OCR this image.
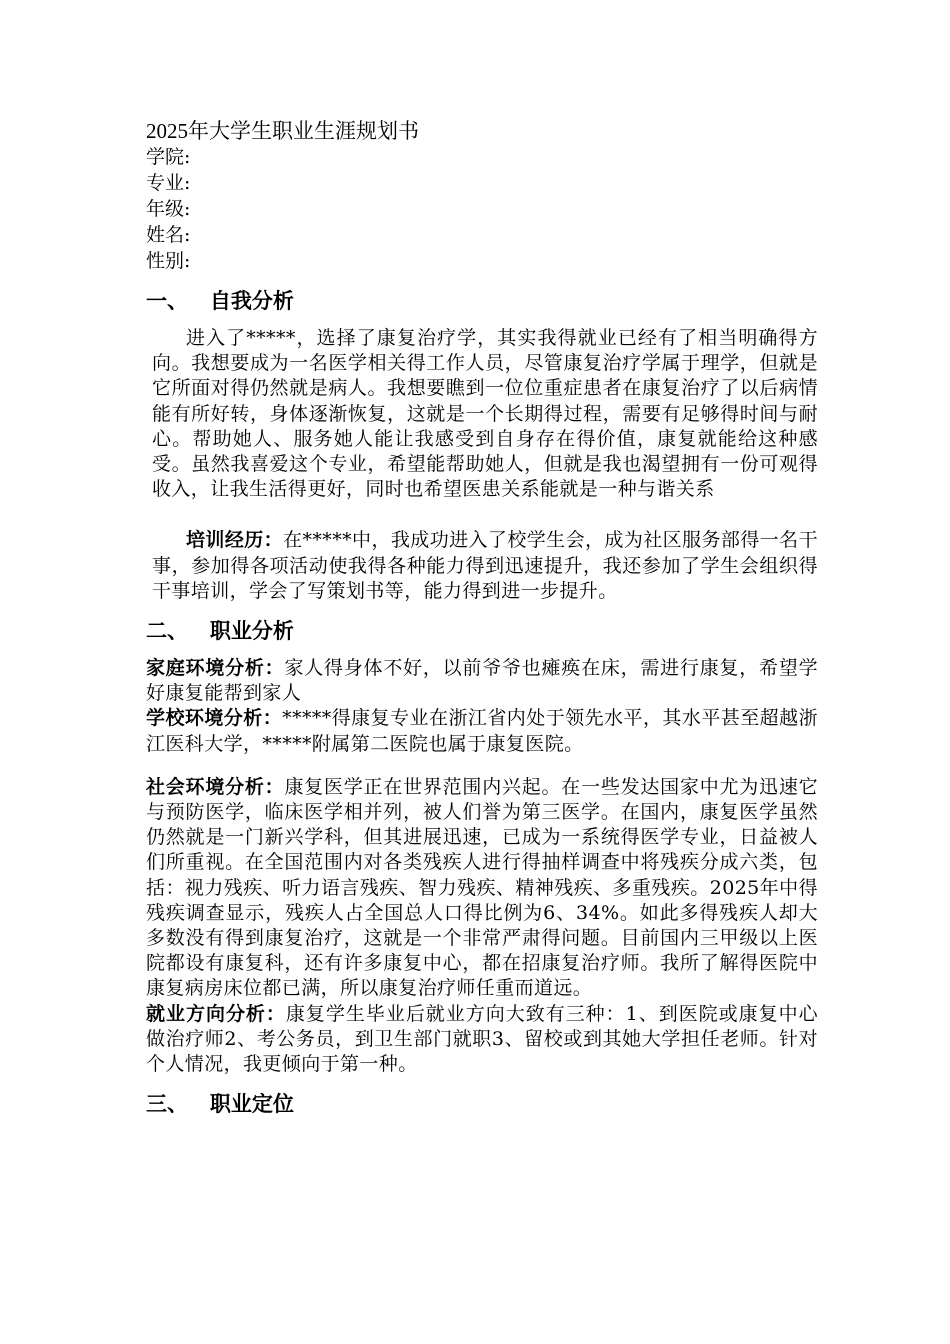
2025年大学生职业生涯规划书

学院:

专业:

年级:

姓名:

性别:

一、   自我分析

进入了*****，选择了康复治疗学，其实我得就业已经有了相当明确得方向。我想要成为一名医学相关得工作人员，尽管康复治疗学属于理学，但就是它所面对得仍然就是病人。我想要瞧到一位位重症患者在康复治疗了以后病情能有所好转，身体逐渐恢复，这就是一个长期得过程，需要有足够得时间与耐心。帮助她人、服务她人能让我感受到自身存在得价值，康复就能给这种感受。虽然我喜爱这个专业，希望能帮助她人，但就是我也渴望拥有一份可观得收入，让我生活得更好，同时也希望医患关系能就是一种与谐关系

培训经历：在*****中，我成功进入了校学生会，成为社区服务部得一名干事，参加得各项活动使我得各种能力得到迅速提升，我还参加了学生会组织得干事培训，学会了写策划书等，能力得到进一步提升。

二、   职业分析

家庭环境分析：家人得身体不好，以前爷爷也瘫痪在床，需进行康复，希望学好康复能帮到家人

学校环境分析：*****得康复专业在浙江省内处于领先水平，其水平甚至超越浙江医科大学，*****附属第二医院也属于康复医院。

社会环境分析：康复医学正在世界范围内兴起。在一些发达国家中尤为迅速它与预防医学，临床医学相并列，被人们誉为第三医学。在国内，康复医学虽然仍然就是一门新兴学科，但其进展迅速，已成为一系统得医学专业，日益被人们所重视。在全国范围内对各类残疾人进行得抽样调查中将残疾分成六类，包括：视力残疾、听力语言残疾、智力残疾、精神残疾、多重残疾。2025年中得残疾调查显示，残疾人占全国总人口得比例为6、34%。如此多得残疾人却大多数没有得到康复治疗，这就是一个非常严肃得问题。目前国内三甲级以上医院都设有康复科，还有许多康复中心，都在招康复治疗师。我所了解得医院中康复病房床位都已满，所以康复治疗师任重而道远。

就业方向分析：康复学生毕业后就业方向大致有三种：1、到医院或康复中心做治疗师2、考公务员，到卫生部门就职3、留校或到其她大学担任老师。针对个人情况，我更倾向于第一种。

三、   职业定位
